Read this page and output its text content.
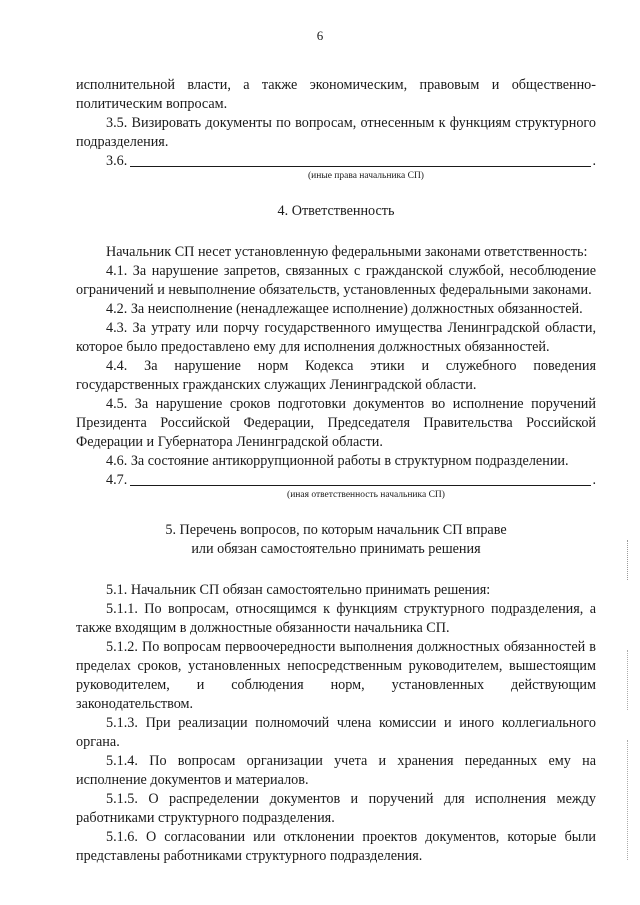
6

исполнительной власти, а также экономическим, правовым и общественно-политическим вопросам.

3.5. Визировать документы по вопросам, отнесенным к функциям структурного подразделения.

3.6.	.
(иные права начальника СП)

4. Ответственность

Начальник СП несет установленную федеральными законами ответственность:

4.1. За нарушение запретов, связанных с гражданской службой, несоблюдение ограничений и невыполнение обязательств, установленных федеральными законами.

4.2. За неисполнение (ненадлежащее исполнение) должностных обязанностей.

4.3. За утрату или порчу государственного имущества Ленинградской области, которое было предоставлено ему для исполнения должностных обязанностей.

4.4. За нарушение норм Кодекса этики и служебного поведения государственных гражданских служащих Ленинградской области.

4.5. За нарушение сроков подготовки документов во исполнение поручений Президента Российской Федерации, Председателя Правительства Российской Федерации и Губернатора Ленинградской области.

4.6. За состояние антикоррупционной работы в структурном подразделении.

4.7.	.
(иная ответственность начальника СП)

5. Перечень вопросов, по которым начальник СП вправе

или обязан самостоятельно принимать решения

5.1. Начальник СП обязан самостоятельно принимать решения:

5.1.1. По вопросам, относящимся к функциям структурного подразделения, а также входящим в должностные обязанности начальника СП.

5.1.2. По вопросам первоочередности выполнения должностных обязанностей в пределах сроков, установленных непосредственным руководителем, вышестоящим руководителем, и соблюдения норм, установленных действующим законодательством.

5.1.3. При реализации полномочий члена комиссии и иного коллегиального органа.

5.1.4. По вопросам организации учета и хранения переданных ему на исполнение документов и материалов.

5.1.5. О распределении документов и поручений для исполнения между работниками структурного подразделения.

5.1.6. О согласовании или отклонении проектов документов, которые были представлены работниками структурного подразделения.
